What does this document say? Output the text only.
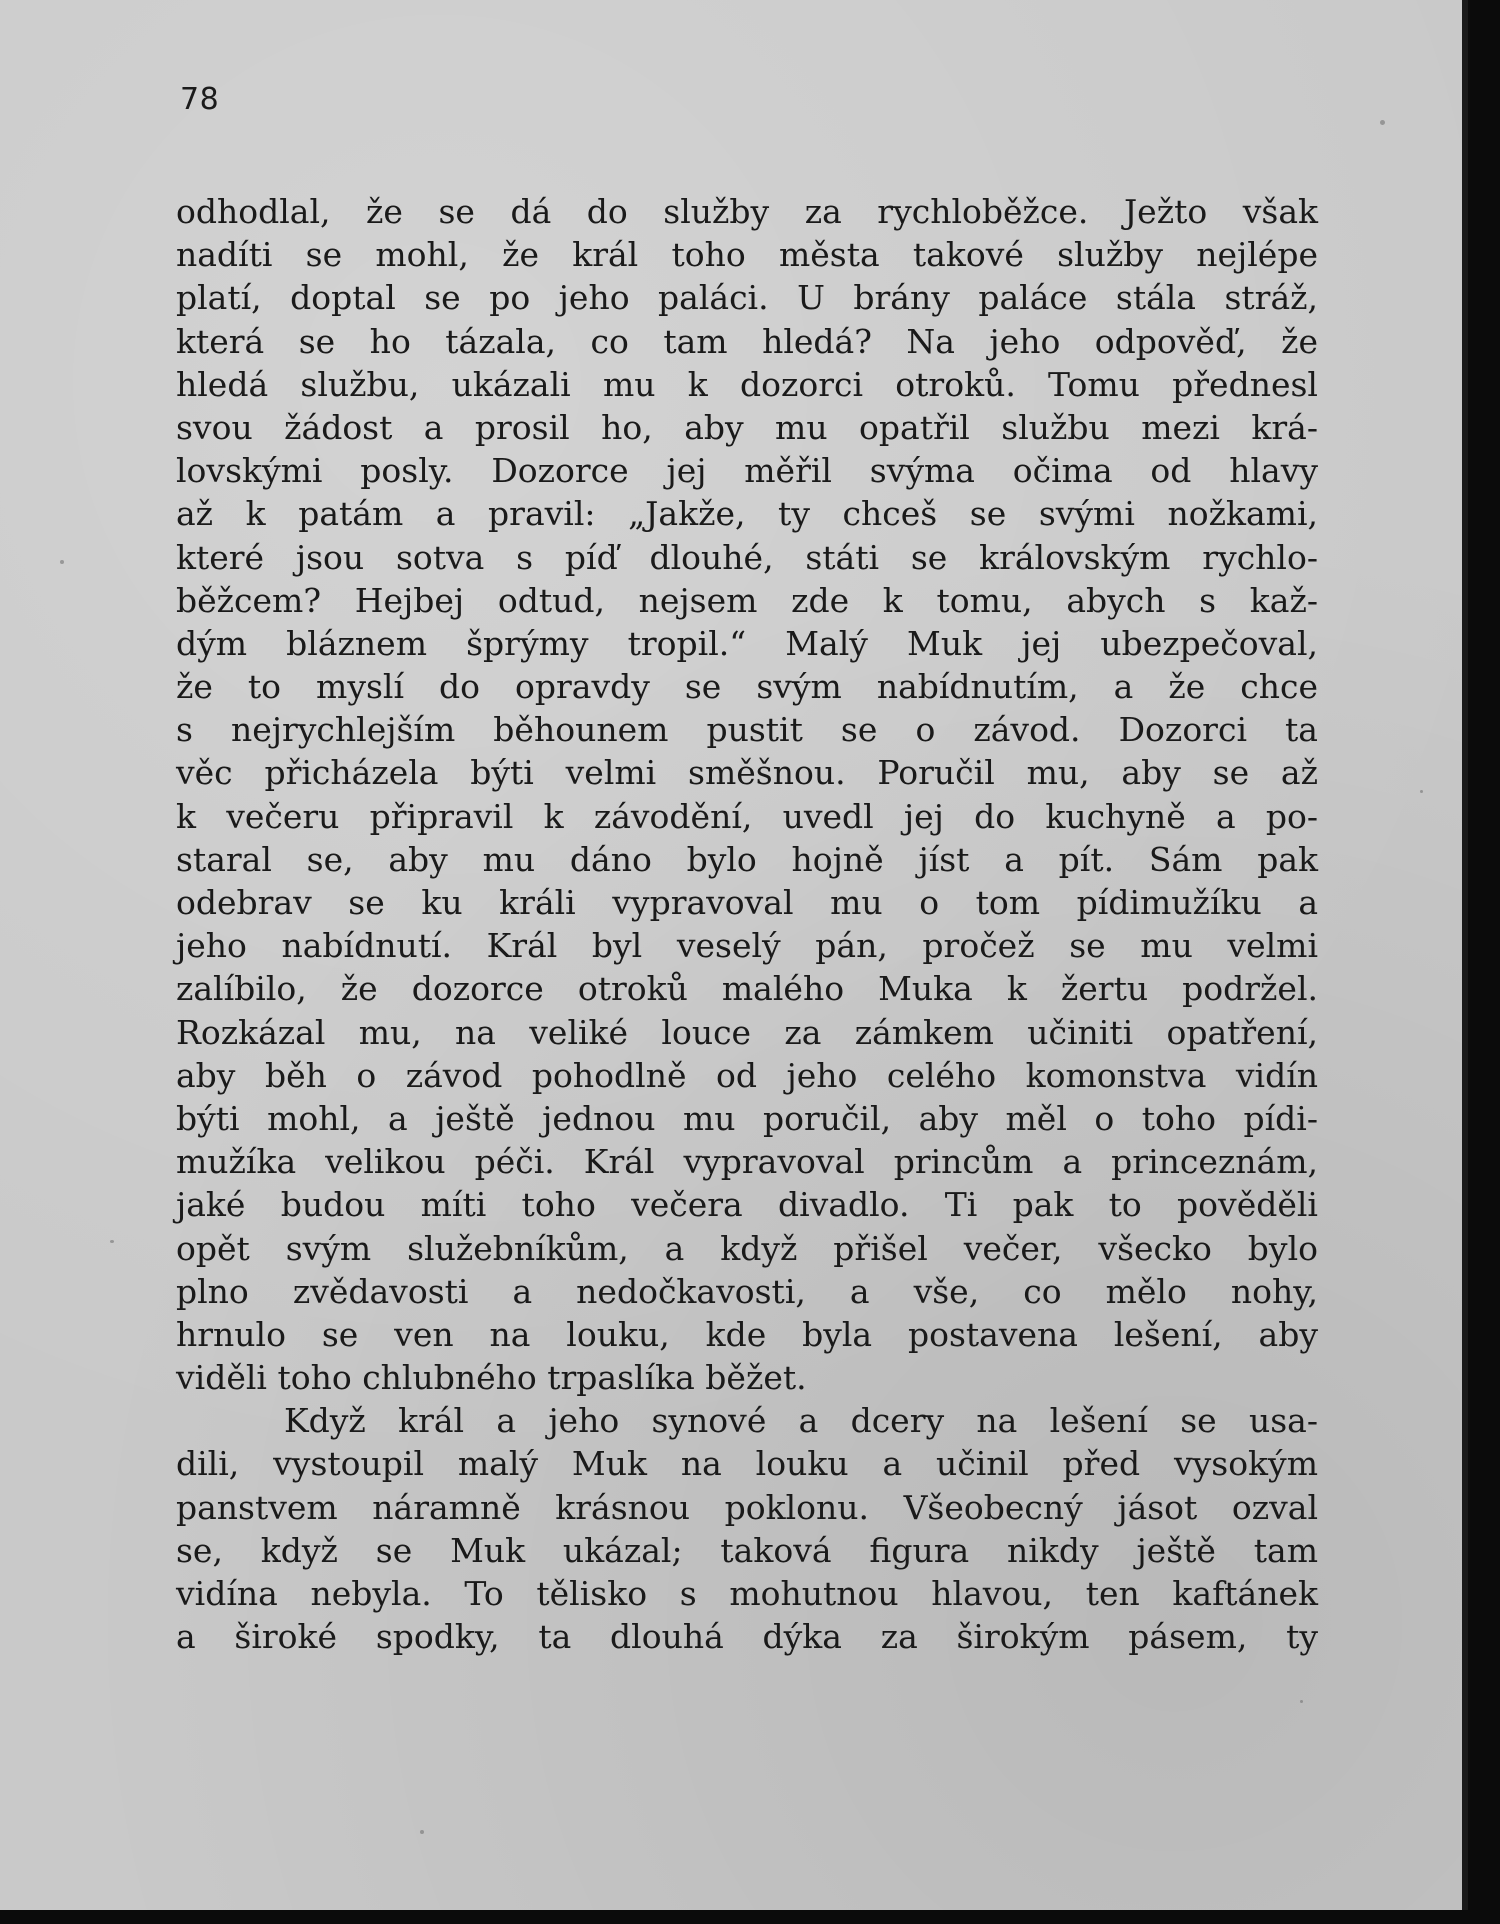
78
odhodlal, že se dá do služby za rychloběžce. Ježto však
nadíti se mohl, že král toho města takové služby nejlépe
platí, doptal se po jeho paláci. U brány paláce stála stráž,
která se ho tázala, co tam hledá? Na jeho odpověď, že
hledá službu, ukázali mu k dozorci otroků. Tomu přednesl
svou žádost a prosil ho, aby mu opatřil službu mezi krá-
lovskými posly. Dozorce jej měřil svýma očima od hlavy
až k patám a pravil: „Jakže, ty chceš se svými nožkami,
které jsou sotva s píď dlouhé, státi se královským rychlo-
běžcem? Hejbej odtud, nejsem zde k tomu, abych s kaž-
dým bláznem šprýmy tropil.“ Malý Muk jej ubezpečoval,
že to myslí do opravdy se svým nabídnutím, a že chce
s nejrychlejším běhounem pustit se o závod. Dozorci ta
věc přicházela býti velmi směšnou. Poručil mu, aby se až
k večeru připravil k závodění, uvedl jej do kuchyně a po-
staral se, aby mu dáno bylo hojně jíst a pít. Sám pak
odebrav se ku králi vypravoval mu o tom pídimužíku a
jeho nabídnutí. Král byl veselý pán, pročež se mu velmi
zalíbilo, že dozorce otroků malého Muka k žertu podržel.
Rozkázal mu, na veliké louce za zámkem učiniti opatření,
aby běh o závod pohodlně od jeho celého komonstva vidín
býti mohl, a ještě jednou mu poručil, aby měl o toho pídi-
mužíka velikou péči. Král vypravoval princům a princeznám,
jaké budou míti toho večera divadlo. Ti pak to pověděli
opět svým služebníkům, a když přišel večer, všecko bylo
plno zvědavosti a nedočkavosti, a vše, co mělo nohy,
hrnulo se ven na louku, kde byla postavena lešení, aby
viděli toho chlubného trpaslíka běžet.
Když král a jeho synové a dcery na lešení se usa-
dili, vystoupil malý Muk na louku a učinil před vysokým
panstvem náramně krásnou poklonu. Všeobecný jásot ozval
se, když se Muk ukázal; taková figura nikdy ještě tam
vidína nebyla. To tělisko s mohutnou hlavou, ten kaftánek
a široké spodky, ta dlouhá dýka za širokým pásem, ty
